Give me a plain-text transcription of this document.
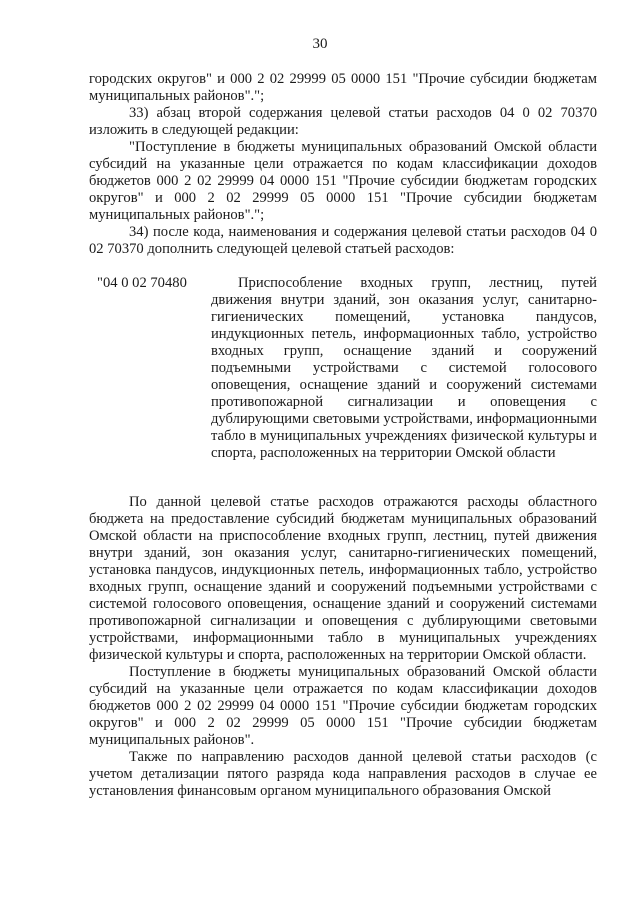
30

городских округов" и 000 2 02 29999 05 0000 151 "Прочие субсидии бюджетам муниципальных районов".";

33) абзац второй содержания целевой статьи расходов 04 0 02 70370 изложить в следующей редакции:

"Поступление в бюджеты муниципальных образований Омской области субсидий на указанные цели отражается по кодам классификации доходов бюджетов 000 2 02 29999 04 0000 151 "Прочие субсидии бюджетам городских округов" и 000 2 02 29999 05 0000 151 "Прочие субсидии бюджетам муниципальных районов".";

34) после кода, наименования и содержания целевой статьи расходов 04 0 02 70370 дополнить следующей целевой статьей расходов:

"04 0 02 70480	Приспособление входных групп, лестниц, путей движения внутри зданий, зон оказания услуг, санитарно-гигиенических помещений, установка пандусов, индукционных петель, информационных табло, устройство входных групп, оснащение зданий и сооружений подъемными устройствами с системой голосового оповещения, оснащение зданий и сооружений системами противопожарной сигнализации и оповещения с дублирующими световыми устройствами, информационными табло в муниципальных учреждениях физической культуры и спорта, расположенных на территории Омской области

По данной целевой статье расходов отражаются расходы областного бюджета на предоставление субсидий бюджетам муниципальных образований Омской области на приспособление входных групп, лестниц, путей движения внутри зданий, зон оказания услуг, санитарно-гигиенических помещений, установка пандусов, индукционных петель, информационных табло, устройство входных групп, оснащение зданий и сооружений подъемными устройствами с системой голосового оповещения, оснащение зданий и сооружений системами противопожарной сигнализации и оповещения с дублирующими световыми устройствами, информационными табло в муниципальных учреждениях физической культуры и спорта, расположенных на территории Омской области.

Поступление в бюджеты муниципальных образований Омской области субсидий на указанные цели отражается по кодам классификации доходов бюджетов 000 2 02 29999 04 0000 151 "Прочие субсидии бюджетам городских округов" и 000 2 02 29999 05 0000 151 "Прочие субсидии бюджетам муниципальных районов".

Также по направлению расходов данной целевой статьи расходов (с учетом детализации пятого разряда кода направления расходов в случае ее установления финансовым органом муниципального образования Омской
